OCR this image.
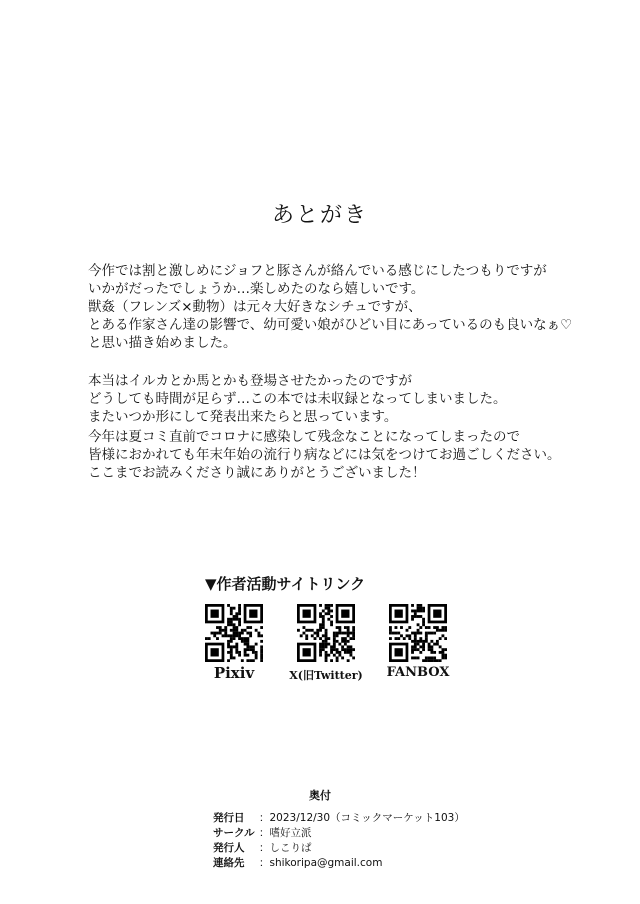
あとがき
今作では割と激しめにジョフと豚さんが絡んでいる感じにしたつもりですが
いかがだったでしょうか…楽しめたのなら嬉しいです。
獣姦（フレンズ×動物）は元々大好きなシチュですが、
とある作家さん達の影響で、幼可愛い娘がひどい目にあっているのも良いなぁ♡
と思い描き始めました。
本当はイルカとか馬とかも登場させたかったのですが
どうしても時間が足らず…この本では未収録となってしまいました。
またいつか形にして発表出来たらと思っています。
今年は夏コミ直前でコロナに感染して残念なことになってしまったので
皆様におかれても年末年始の流行り病などには気をつけてお過ごしください。
ここまでお読みくださり誠にありがとうございました！
▼作者活動サイトリンク
Pixiv	X(旧Twitter)	FANBOX
奥付
発行日	：2023/12/30（コミックマーケット103）
サークル ：嗜好立派
発行人	：しこりぱ
連絡先	：shikoripa@gmail.com
